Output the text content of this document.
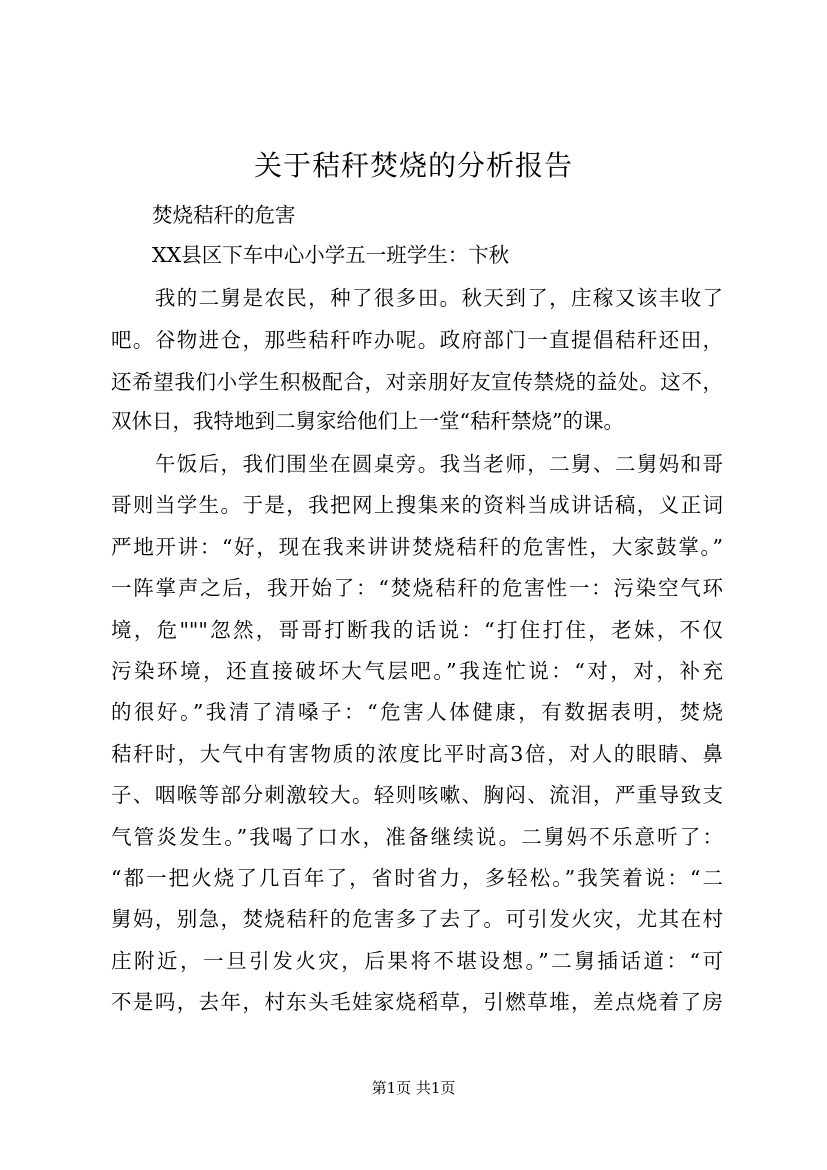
关于秸秆焚烧的分析报告
　　焚烧秸秆的危害
　　XX县区下车中心小学五一班学生：卞秋
　　我的二舅是农民，种了很多田。秋天到了，庄稼又该丰收了
吧。谷物进仓，那些秸秆咋办呢。政府部门一直提倡秸秆还田，
还希望我们小学生积极配合，对亲朋好友宣传禁烧的益处。这不，
双休日，我特地到二舅家给他们上一堂“秸秆禁烧”的课。
　　午饭后，我们围坐在圆桌旁。我当老师，二舅、二舅妈和哥
哥则当学生。于是，我把网上搜集来的资料当成讲话稿，义正词
严地开讲：“好，现在我来讲讲焚烧秸秆的危害性，大家鼓掌。”
一阵掌声之后，我开始了：“焚烧秸秆的危害性一：污染空气环
境，危"""忽然，哥哥打断我的话说：“打住打住，老妹，不仅
污染环境，还直接破坏大气层吧。”我连忙说：“对，对，补充
的很好。”我清了清嗓子：“危害人体健康，有数据表明，焚烧
秸秆时，大气中有害物质的浓度比平时高3倍，对人的眼睛、鼻
子、咽喉等部分刺激较大。轻则咳嗽、胸闷、流泪，严重导致支
气管炎发生。”我喝了口水，准备继续说。二舅妈不乐意听了：
“都一把火烧了几百年了，省时省力，多轻松。”我笑着说：“二
舅妈，别急，焚烧秸秆的危害多了去了。可引发火灾，尤其在村
庄附近，一旦引发火灾，后果将不堪设想。”二舅插话道：“可
不是吗，去年，村东头毛娃家烧稻草，引燃草堆，差点烧着了房
第1页 共1页
